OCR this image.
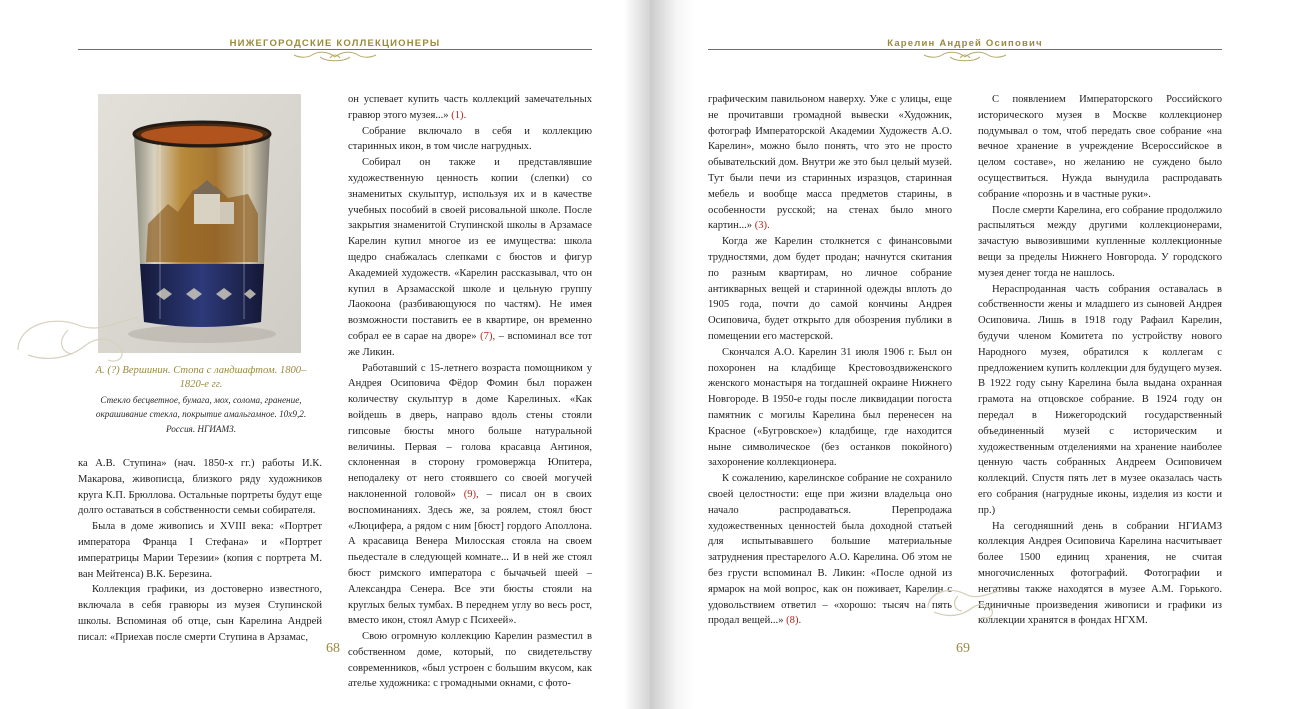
НИЖЕГОРОДСКИЕ КОЛЛЕКЦИОНЕРЫ
А. (?) Вершинин. Стопа с ландшафтом. 1800–1820-е гг.
Стекло бесцветное, бумага, мох, солома, гранение, окрашивание стекла, покрытие амальгамное. 10х9,2. Россия. НГИАМЗ.

ка А.В. Ступина» (нач. 1850-х гг.) работы И.К. Макарова, живописца, близкого ряду художников круга К.П. Брюллова. Остальные портреты будут еще долго оставаться в собственности семьи собирателя.

Была в доме живопись и XVIII века: «Портрет императора Франца I Стефана» и «Портрет императрицы Марии Терезии» (копия с портрета М. ван Мейтенса) В.К. Березина.

Коллекция графики, из достоверно известного, включала в себя гравюры из музея Ступинской школы. Вспоминая об отце, сын Карелина Андрей писал: «Приехав после смерти Ступина в Арзамас,

он успевает купить часть коллекций замечательных гравюр этого музея...» (1).

Собрание включало в себя и коллекцию старинных икон, в том числе нагрудных.

Собирал он также и представлявшие художественную ценность копии (слепки) со знаменитых скульптур, используя их и в качестве учебных пособий в своей рисовальной школе. После закрытия знаменитой Ступинской школы в Арзамасе Карелин купил многое из ее имущества: школа щедро снабжалась слепками с бюстов и фигур Академией художеств. «Карелин рассказывал, что он купил в Арзамасской школе и цельную группу Лаокоона (разбивающуюся по частям). Не имея возможности поставить ее в квартире, он временно собрал ее в сарае на дворе» (7), – вспоминал все тот же Ликин.

Работавший с 15-летнего возраста помощником у Андрея Осиповича Фёдор Фомин был поражен количеству скульптур в доме Карелиных. «Как войдешь в дверь, направо вдоль стены стояли гипсовые бюсты много больше натуральной величины. Первая – голова красавца Антиноя, склоненная в сторону громовержца Юпитера, неподалеку от него стоявшего со своей могучей наклоненной головой» (9), – писал он в своих воспоминаниях. Здесь же, за роялем, стоял бюст «Люцифера, а рядом с ним [бюст] гордого Аполлона. А красавица Венера Милосская стояла на своем пьедестале в следующей комнате... И в ней же стоял бюст римского императора с бычачьей шеей – Александра Сенера. Все эти бюсты стояли на круглых белых тумбах. В переднем углу во весь рост, вместо икон, стоял Амур с Психеей».

Свою огромную коллекцию Карелин разместил в собственном доме, который, по свидетельству современников, «был устроен с большим вкусом, как ателье художника: с громадными окнами, с фото-

68
Карелин Андрей Осипович

графическим павильоном наверху. Уже с улицы, еще не прочитавши громадной вывески «Художник, фотограф Императорской Академии Художеств А.О. Карелин», можно было понять, что это не просто обывательский дом. Внутри же это был целый музей. Тут были печи из старинных изразцов, старинная мебель и вообще масса предметов старины, в особенности русской; на стенах было много картин...» (3).

Когда же Карелин столкнется с финансовыми трудностями, дом будет продан; начнутся скитания по разным квартирам, но личное собрание антикварных вещей и старинной одежды вплоть до 1905 года, почти до самой кончины Андрея Осиповича, будет открыто для обозрения публики в помещении его мастерской.

Скончался А.О. Карелин 31 июля 1906 г. Был он похоронен на кладбище Крестовоздвиженского женского монастыря на тогдашней окраине Нижнего Новгороде. В 1950-е годы после ликвидации погоста памятник с могилы Карелина был перенесен на Красное («Бугровское») кладбище, где находится ныне символическое (без останков покойного) захоронение коллекционера.

К сожалению, карелинское собрание не сохранило своей целостности: еще при жизни владельца оно начало распродаваться. Перепродажа художественных ценностей была доходной статьей для испытывавшего большие материальные затруднения престарелого А.О. Карелина. Об этом не без грусти вспоминал В. Ликин: «После одной из ярмарок на мой вопрос, как он поживает, Карелин с удовольствием ответил – «хорошо: тысяч на пять продал вещей...» (8).

С появлением Императорского Российского исторического музея в Москве коллекционер подумывал о том, чтоб передать свое собрание «на вечное хранение в учреждение Всероссийское в целом составе», но желанию не суждено было осуществиться. Нужда вынудила распродавать собрание «порознь и в частные руки».

После смерти Карелина, его собрание продолжило распыляться между другими коллекционерами, зачастую вывозившими купленные коллекционные вещи за пределы Нижнего Новгорода. У городского музея денег тогда не нашлось.

Нераспроданная часть собрания оставалась в собственности жены и младшего из сыновей Андрея Осиповича. Лишь в 1918 году Рафаил Карелин, будучи членом Комитета по устройству нового Народного музея, обратился к коллегам с предложением купить коллекции для будущего музея. В 1922 году сыну Карелина была выдана охранная грамота на отцовское собрание. В 1924 году он передал в Нижегородский государственный объединенный музей с историческим и художественным отделениями на хранение наиболее ценную часть собранных Андреем Осиповичем коллекций. Спустя пять лет в музее оказалась часть его собрания (нагрудные иконы, изделия из кости и пр.)

На сегодняшний день в собрании НГИАМЗ коллекция Андрея Осиповича Карелина насчитывает более 1500 единиц хранения, не считая многочисленных фотографий. Фотографии и негативы также находятся в музее А.М. Горького. Единичные произведения живописи и графики из коллекции хранятся в фондах НГХМ.

69
